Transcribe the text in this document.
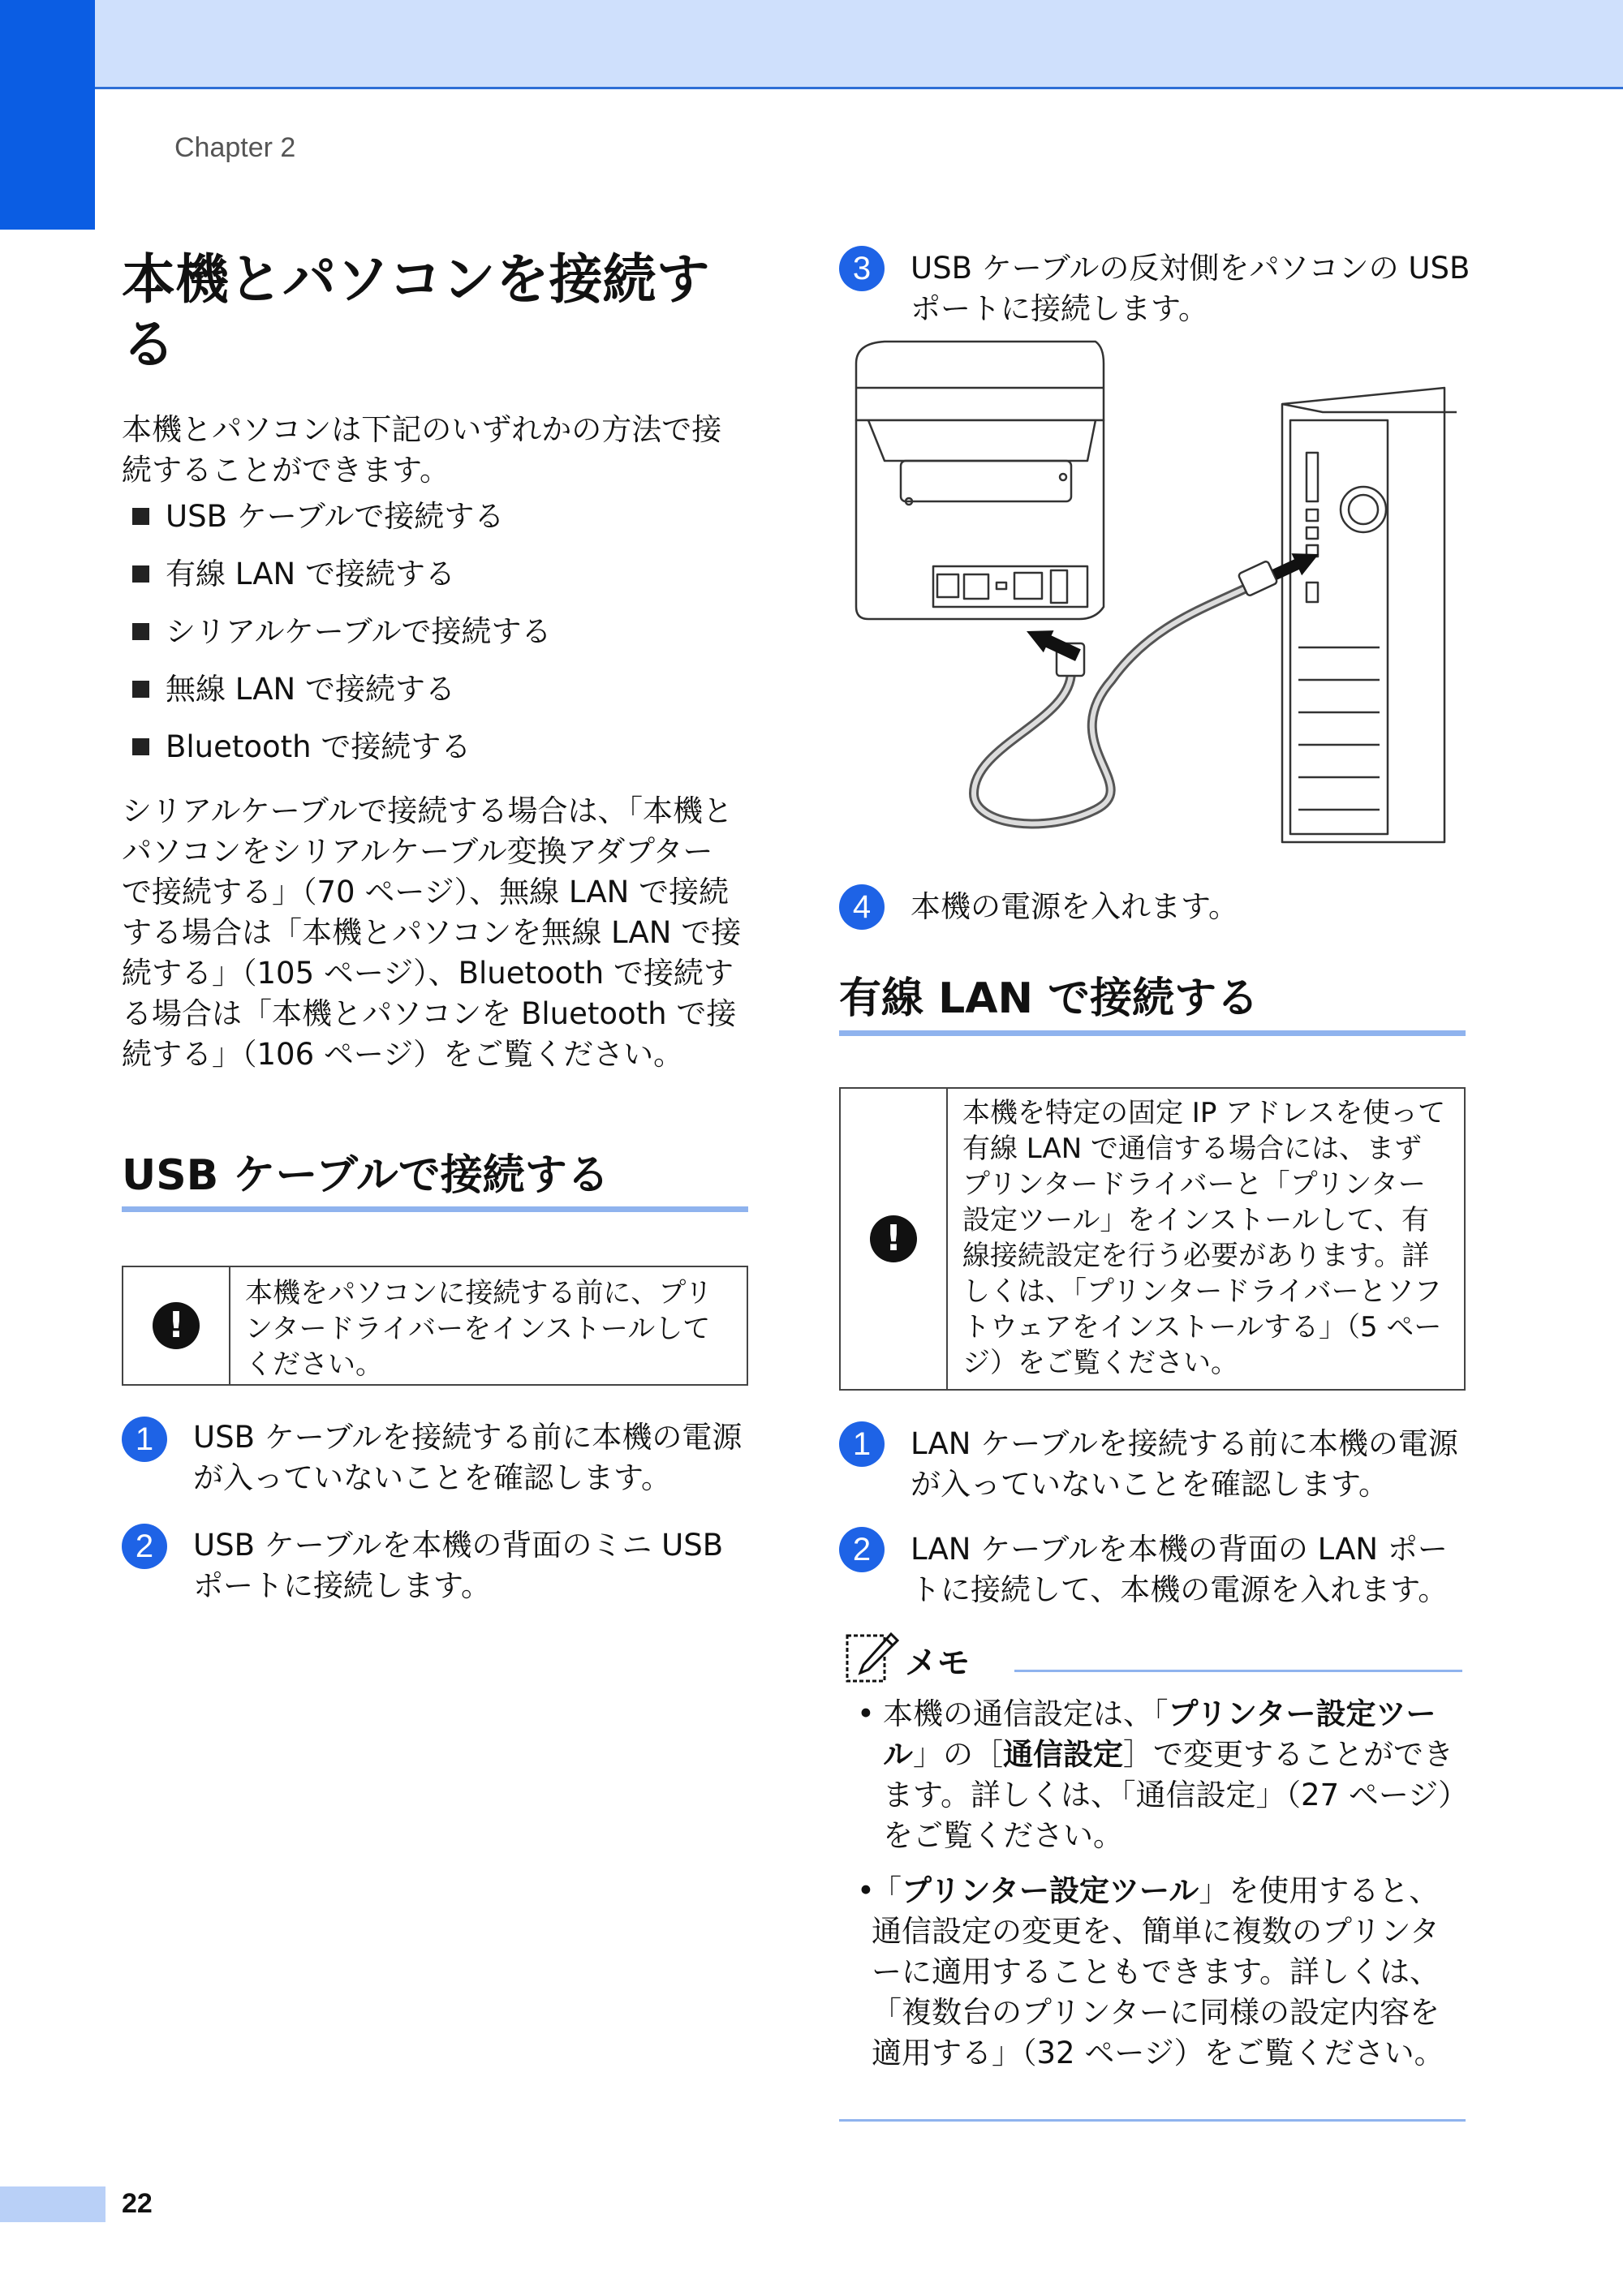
Chapter 2
本機とパソコンを接続する
本機とパソコンは下記のいずれかの方法で接続することができます。
USB ケーブルで接続する
有線 LAN で接続する
シリアルケーブルで接続する
無線 LAN で接続する
Bluetooth で接続する
シリアルケーブルで接続する場合は、「本機とパソコンをシリアルケーブル変換アダプターで接続する」（70 ページ）、無線 LAN で接続する場合は「本機とパソコンを無線 LAN で接続する」（105 ページ）、Bluetooth で接続する場合は「本機とパソコンを Bluetooth で接続する」（106 ページ）をご覧ください。
USB ケーブルで接続する
!
本機をパソコンに接続する前に、プリンタードライバーをインストールしてください。
1	USB ケーブルを接続する前に本機の電源が入っていないことを確認します。
2	USB ケーブルを本機の背面のミニ USB ポートに接続します。
3	USB ケーブルの反対側をパソコンの USB ポートに接続します。
4	本機の電源を入れます。
有線 LAN で接続する
!
本機を特定の固定 IP アドレスを使って有線 LAN で通信する場合には、まずプリンタードライバーと「プリンター設定ツール」をインストールして、有線接続設定を行う必要があります。詳しくは、「プリンタードライバーとソフトウェアをインストールする」（5 ページ）をご覧ください。
1	LAN ケーブルを接続する前に本機の電源が入っていないことを確認します。
2	LAN ケーブルを本機の背面の LAN ポートに接続して、本機の電源を入れます。
メモ
• 本機の通信設定は、「プリンター設定ツール」の［通信設定］で変更することができます。詳しくは、「通信設定」（27 ページ）をご覧ください。
•
「プリンター設定ツール」を使用すると、通信設定の変更を、簡単に複数のプリンターに適用することもできます。詳しくは、「複数台のプリンターに同様の設定内容を適用する」（32 ページ）をご覧ください。
22
